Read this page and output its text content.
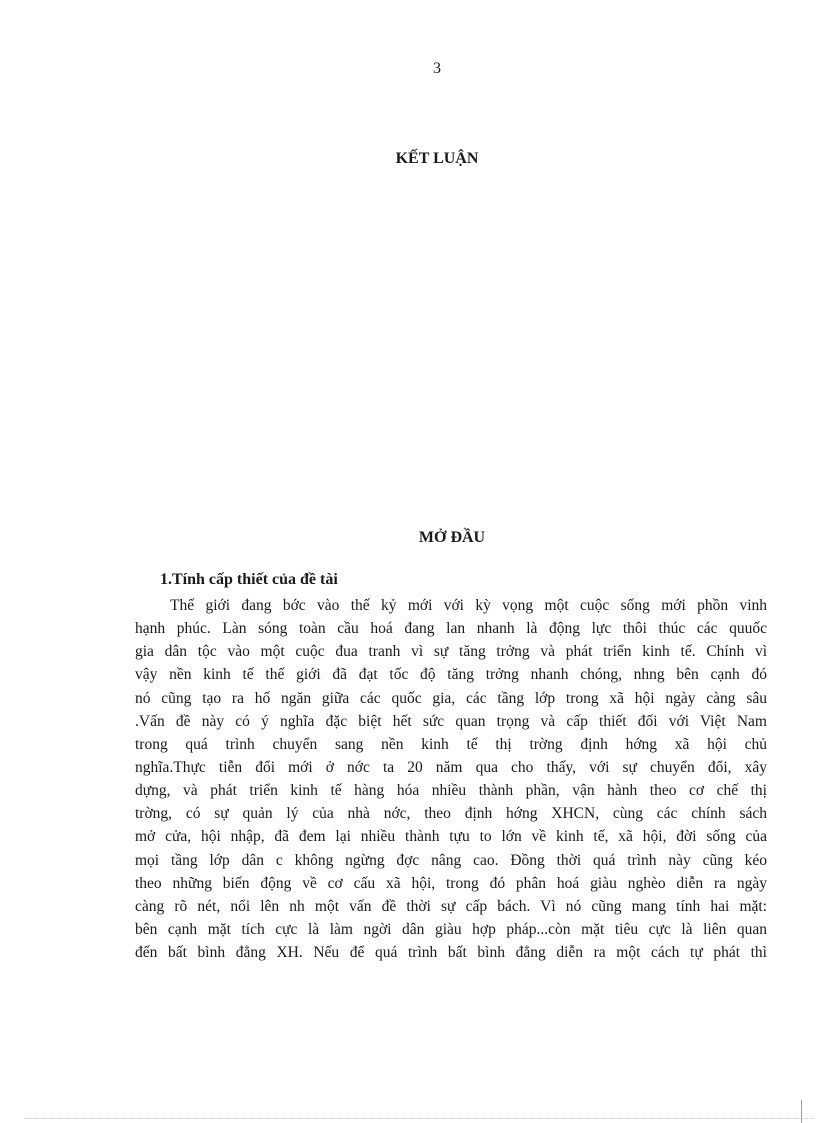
3
KẾT LUẬN
MỞ ĐẦU
1.Tính cấp thiết của đề tài
Thế giới đang bớc vào thế kỷ mới với kỳ vọng một cuộc sống mới phồn vinh
hạnh phúc. Làn sóng toàn cầu hoá đang lan nhanh là động lực thôi thúc các quuốc
gia dân tộc vào một cuộc đua tranh vì sự tăng trởng và phát triển kinh tế. Chính vì
vậy nền kinh tế thế giới đã đạt tốc độ tăng trởng nhanh chóng, nhng bên cạnh đó
nó cũng tạo ra hố ngăn giữa các quốc gia, các tầng lớp trong xã hội ngày càng sâu
.Vấn đề này có ý nghĩa đặc biệt hết sức quan trọng và cấp thiết đối với Việt Nam
trong quá trình chuyển sang nền kinh tế thị trờng định hớng xã hội chủ
nghĩa.Thực tiễn đổi mới ở nớc ta 20 năm qua cho thấy, với sự chuyển đổi, xây
dựng, và phát triển kinh tế hàng hóa nhiều thành phần, vận hành theo cơ chế thị
trờng, có sự quản lý của nhà nớc, theo định hớng XHCN, cùng các chính sách
mở cửa, hội nhập, đã đem lại nhiều thành tựu to lớn về kinh tế, xã hội, đời sống của
mọi tầng lớp dân c không ngừng đợc nâng cao. Đồng thời quá trình này cũng kéo
theo những biến động về cơ cấu xã hội, trong đó phân hoá giàu nghèo diễn ra ngày
càng rõ nét, nổi lên nh một vấn đề thời sự cấp bách. Vì nó cũng mang tính hai mặt:
bên cạnh mặt tích cực là làm ngời dân giàu hợp pháp...còn mặt tiêu cực là liên quan
đến bất bình đẳng XH. Nếu để quá trình bất bình đẳng diễn ra một cách tự phát thì
